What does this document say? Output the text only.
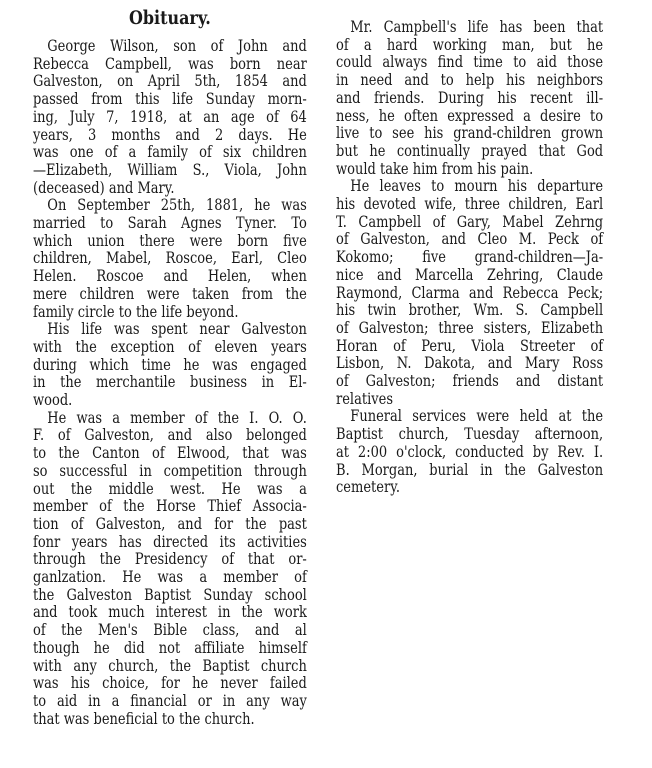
Obituary.
George Wilson, son of John and
Rebecca Campbell, was born near
Galveston, on April 5th, 1854 and
passed from this life Sunday morn-
ing, July 7, 1918, at an age of 64
years, 3 months and 2 days. He
was one of a family of six children
—Elizabeth, William S., Viola, John
(deceased) and Mary.
On September 25th, 1881, he was
married to Sarah Agnes Tyner. To
which union there were born five
children, Mabel, Roscoe, Earl, Cleo
Helen. Roscoe and Helen, when
mere children were taken from the
family circle to the life beyond.
His life was spent near Galveston
with the exception of eleven years
during which time he was engaged
in the merchantile business in El-
wood.
He was a member of the I. O. O.
F. of Galveston, and also belonged
to the Canton of Elwood, that was
so successful in competition through
out the middle west. He was a
member of the Horse Thief Associa-
tion of Galveston, and for the past
fonr years has directed its activities
through the Presidency of that or-
ganlzation. He was a member of
the Galveston Baptist Sunday school
and took much interest in the work
of the Men's Bible class, and al
though he did not affiliate himself
with any church, the Baptist church
was his choice, for he never failed
to aid in a financial or in any way
that was beneficial to the church.
Mr. Campbell's life has been that
of a hard working man, but he
could always find time to aid those
in need and to help his neighbors
and friends. During his recent ill-
ness, he often expressed a desire to
live to see his grand-children grown
but he continually prayed that God
would take him from his pain.
He leaves to mourn his departure
his devoted wife, three children, Earl
T. Campbell of Gary, Mabel Zehrng
of Galveston, and Cleo M. Peck of
Kokomo; five grand-children—Ja-
nice and Marcella Zehring, Claude
Raymond, Clarma and Rebecca Peck;
his twin brother, Wm. S. Campbell
of Galveston; three sisters, Elizabeth
Horan of Peru, Viola Streeter of
Lisbon, N. Dakota, and Mary Ross
of Galveston; friends and distant
relatives
Funeral services were held at the
Baptist church, Tuesday afternoon,
at 2:00 o'clock, conducted by Rev. I.
B. Morgan, burial in the Galveston
cemetery.
